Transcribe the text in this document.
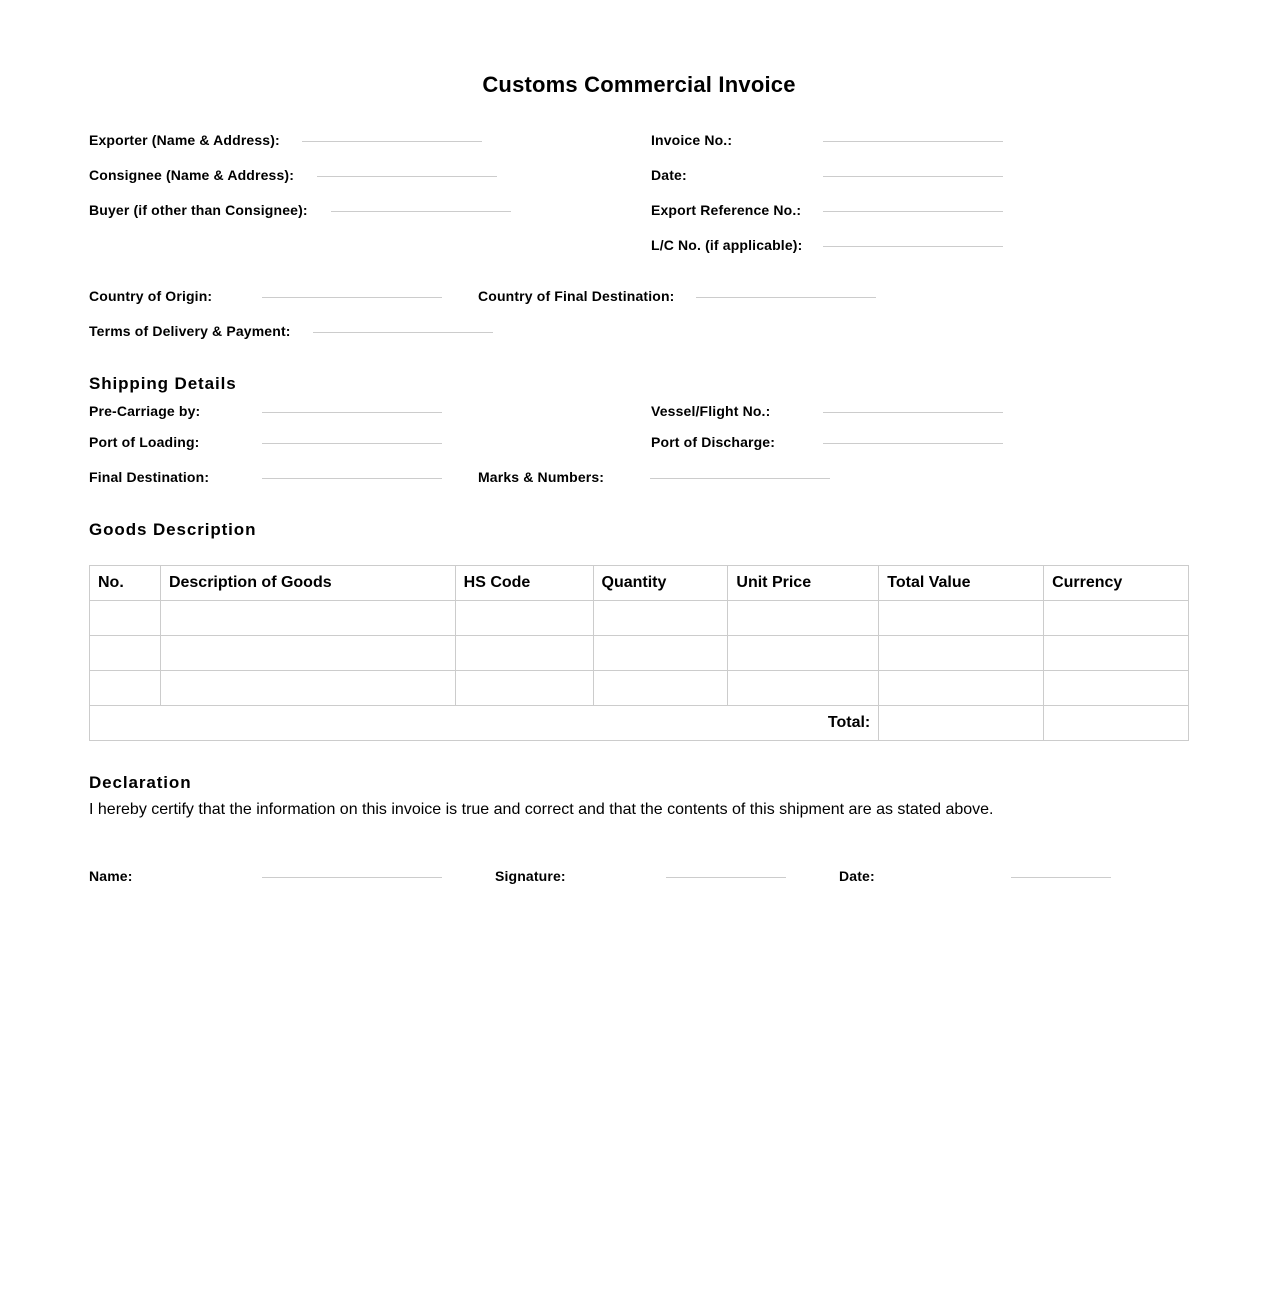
Customs Commercial Invoice
Exporter (Name & Address):
Consignee (Name & Address):
Buyer (if other than Consignee):
Invoice No.:
Date:
Export Reference No.:
L/C No. (if applicable):
Country of Origin:	Country of Final Destination:
Terms of Delivery & Payment:
Shipping Details
Pre-Carriage by:	Vessel/Flight No.:
Port of Loading:	Port of Discharge:
Final Destination:	Marks & Numbers:
Goods Description
No.	Description of Goods	HS Code	Quantity	Unit Price	Total Value	Currency

Total:						
Declaration

I hereby certify that the information on this invoice is true and correct and that the contents of this shipment are as stated above.

Name:	Signature:	Date:
